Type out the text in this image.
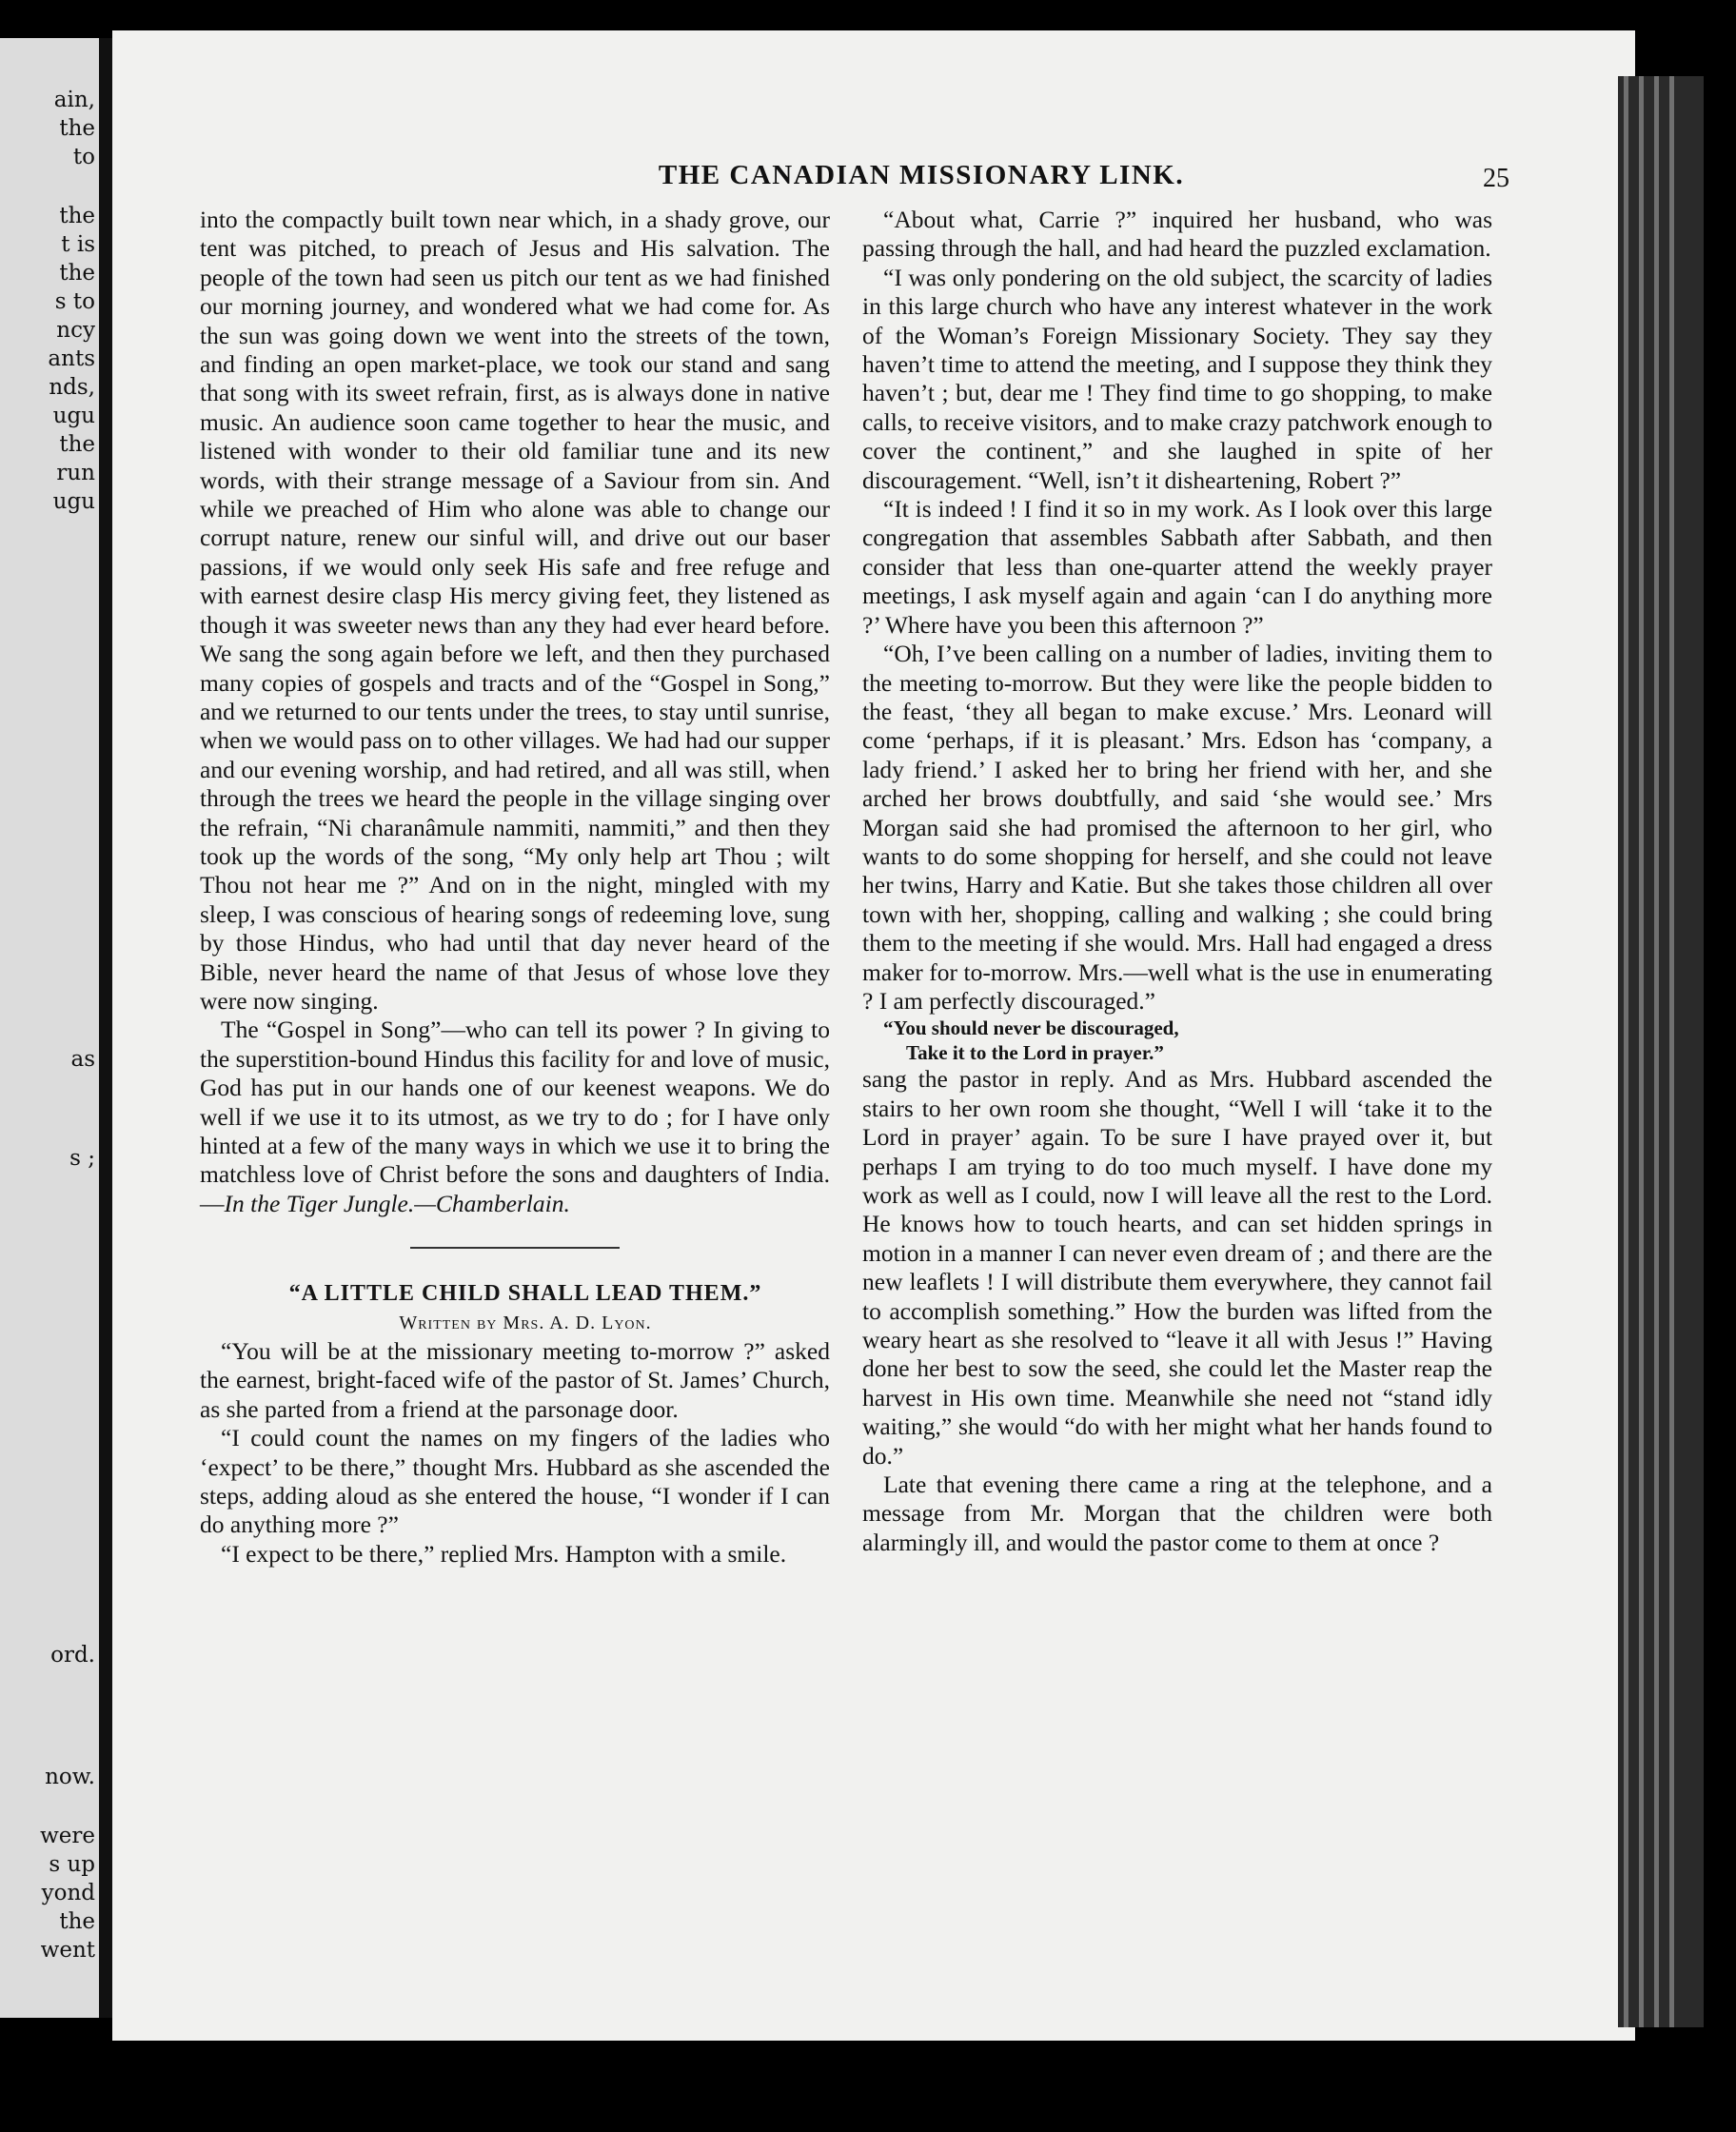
ain,
the
to
the
t is
the
s to
ncy
ants
nds,
ugu
the
run
ugu
as
s ;
ord.
now.
were
s up
yond
the
went
THE CANADIAN MISSIONARY LINK.	25

into the compactly built town near which, in a shady grove, our tent was pitched, to preach of Jesus and His salvation. The people of the town had seen us pitch our tent as we had finished our morning journey, and wondered what we had come for. As the sun was going down we went into the streets of the town, and finding an open market-place, we took our stand and sang that song with its sweet refrain, first, as is always done in native music. An audience soon came together to hear the music, and listened with wonder to their old familiar tune and its new words, with their strange message of a Saviour from sin. And while we preached of Him who alone was able to change our corrupt nature, renew our sinful will, and drive out our baser passions, if we would only seek His safe and free refuge and with earnest desire clasp His mercy giving feet, they listened as though it was sweeter news than any they had ever heard before. We sang the song again before we left, and then they purchased many copies of gospels and tracts and of the “Gospel in Song,” and we returned to our tents under the trees, to stay until sunrise, when we would pass on to other villages. We had had our supper and our evening worship, and had retired, and all was still, when through the trees we heard the people in the village singing over the refrain, “Ni charanâmule nammiti, nammiti,” and then they took up the words of the song, “My only help art Thou ; wilt Thou not hear me ?” And on in the night, mingled with my sleep, I was conscious of hearing songs of redeeming love, sung by those Hindus, who had until that day never heard of the Bible, never heard the name of that Jesus of whose love they were now singing.

The “Gospel in Song”—who can tell its power ? In giving to the superstition-bound Hindus this facility for and love of music, God has put in our hands one of our keenest weapons. We do well if we use it to its utmost, as we try to do ; for I have only hinted at a few of the many ways in which we use it to bring the matchless love of Christ before the sons and daughters of India.—In the Tiger Jungle.—Chamberlain.

“A LITTLE CHILD SHALL LEAD THEM.”

Written by Mrs. A. D. Lyon.

“You will be at the missionary meeting to-morrow ?” asked the earnest, bright-faced wife of the pastor of St. James’ Church, as she parted from a friend at the parsonage door.

“I could count the names on my fingers of the ladies who ‘expect’ to be there,” thought Mrs. Hubbard as she ascended the steps, adding aloud as she entered the house, “I wonder if I can do anything more ?”

“I expect to be there,” replied Mrs. Hampton with a smile.

“About what, Carrie ?” inquired her husband, who was passing through the hall, and had heard the puzzled exclamation.

“I was only pondering on the old subject, the scarcity of ladies in this large church who have any interest whatever in the work of the Woman’s Foreign Missionary Society. They say they haven’t time to attend the meeting, and I suppose they think they haven’t ; but, dear me ! They find time to go shopping, to make calls, to receive visitors, and to make crazy patchwork enough to cover the continent,” and she laughed in spite of her discouragement. “Well, isn’t it disheartening, Robert ?”

“It is indeed ! I find it so in my work. As I look over this large congregation that assembles Sabbath after Sabbath, and then consider that less than one-quarter attend the weekly prayer meetings, I ask myself again and again ‘can I do anything more ?’ Where have you been this afternoon ?”

“Oh, I’ve been calling on a number of ladies, inviting them to the meeting to-morrow. But they were like the people bidden to the feast, ‘they all began to make excuse.’ Mrs. Leonard will come ‘perhaps, if it is pleasant.’ Mrs. Edson has ‘company, a lady friend.’ I asked her to bring her friend with her, and she arched her brows doubtfully, and said ‘she would see.’ Mrs Morgan said she had promised the afternoon to her girl, who wants to do some shopping for herself, and she could not leave her twins, Harry and Katie. But she takes those children all over town with her, shopping, calling and walking ; she could bring them to the meeting if she would. Mrs. Hall had engaged a dress maker for to-morrow. Mrs.—well what is the use in enumerating ? I am perfectly discouraged.”

“You should never be discouraged,
Take it to the Lord in prayer.”

sang the pastor in reply. And as Mrs. Hubbard ascended the stairs to her own room she thought, “Well I will ‘take it to the Lord in prayer’ again. To be sure I have prayed over it, but perhaps I am trying to do too much myself. I have done my work as well as I could, now I will leave all the rest to the Lord. He knows how to touch hearts, and can set hidden springs in motion in a manner I can never even dream of ; and there are the new leaflets ! I will distribute them everywhere, they cannot fail to accomplish something.” How the burden was lifted from the weary heart as she resolved to “leave it all with Jesus !” Having done her best to sow the seed, she could let the Master reap the harvest in His own time. Meanwhile she need not “stand idly waiting,” she would “do with her might what her hands found to do.”

Late that evening there came a ring at the telephone, and a message from Mr. Morgan that the children were both alarmingly ill, and would the pastor come to them at once ?
